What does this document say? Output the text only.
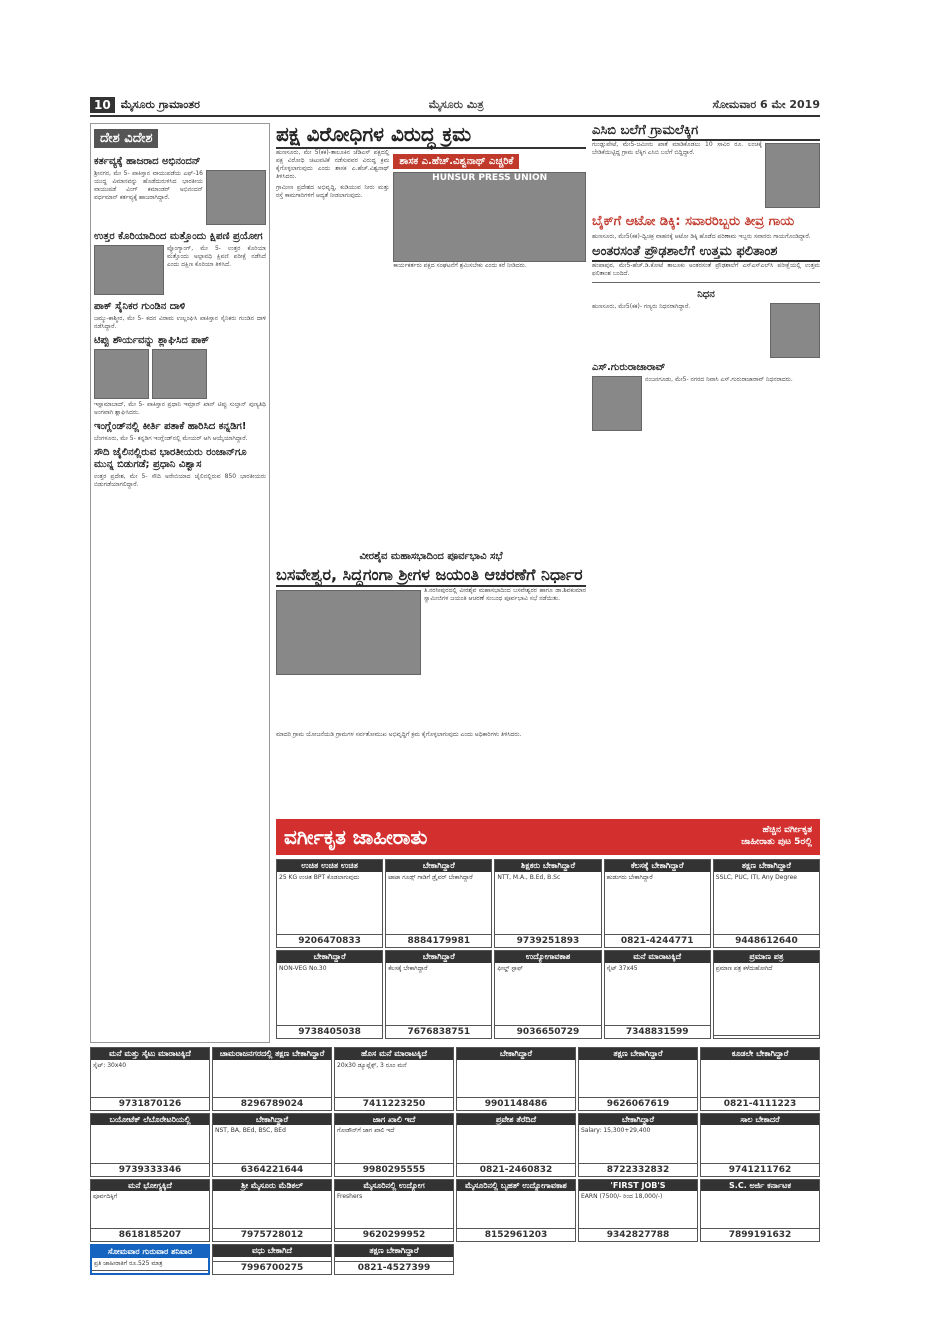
10 ಮೈಸೂರು ಗ್ರಾಮಾಂತರ	ಮೈಸೂರು ಮಿತ್ರ	ಸೋಮವಾರ 6 ಮೇ 2019
ದೇಶ ವಿದೇಶ
ಕರ್ತವ್ಯಕ್ಕೆ ಹಾಜರಾದ ಅಭಿನಂದನ್
ಶ್ರೀನಗರ, ಮೇ 5- ಪಾಕಿಸ್ತಾನ ವಾಯುಪಡೆಯ ಎಫ್-16 ಯುದ್ಧ ವಿಮಾನವನ್ನು ಹೊಡೆದುರುಳಿಸಿದ ಭಾರತೀಯ ವಾಯುಪಡೆ ವಿಂಗ್ ಕಮಾಂಡರ್ ಅಭಿನಂದನ್ ವರ್ಧಮಾನ್ ಕರ್ತವ್ಯಕ್ಕೆ ಹಾಜರಾಗಿದ್ದಾರೆ.
ಉತ್ತರ ಕೊರಿಯಾದಿಂದ ಮತ್ತೊಂದು ಕ್ಷಿಪಣಿ ಪ್ರಯೋಗ
ಪ್ಯೊಂಗ್ಯಾಂಗ್, ಮೇ 5- ಉತ್ತರ ಕೊರಿಯಾ ಮತ್ತೊಂದು ಅಲ್ಪಾವಧಿ ಕ್ಷಿಪಣಿ ಪರೀಕ್ಷೆ ನಡೆಸಿದೆ ಎಂದು ದಕ್ಷಿಣ ಕೊರಿಯಾ ತಿಳಿಸಿದೆ.
ಪಾಕ್ ಸೈನಿಕರ ಗುಂಡಿನ ದಾಳಿ
ಜಮ್ಮು-ಕಾಶ್ಮೀರ, ಮೇ 5- ಕದನ ವಿರಾಮ ಉಲ್ಲಂಘಿಸಿ ಪಾಕಿಸ್ತಾನ ಸೈನಿಕರು ಗುಂಡಿನ ದಾಳಿ ನಡೆಸಿದ್ದಾರೆ.
ಟಿಪ್ಪು ಶೌರ್ಯವನ್ನು ಶ್ಲಾಘಿಸಿದ ಪಾಕ್
ಇಸ್ಲಾಮಾಬಾದ್, ಮೇ 5- ಪಾಕಿಸ್ತಾನ ಪ್ರಧಾನಿ ಇಮ್ರಾನ್ ಖಾನ್ ಟಿಪ್ಪು ಸುಲ್ತಾನ್ ಪುಣ್ಯತಿಥಿ ಅಂಗವಾಗಿ ಶ್ಲಾಘಿಸಿದರು.
ಇಂಗ್ಲೆಂಡ್‌ನಲ್ಲಿ ಕೀರ್ತಿ ಪತಾಕೆ ಹಾರಿಸಿದ ಕನ್ನಡಿಗ!
ಬೆಂಗಳೂರು, ಮೇ 5- ಕನ್ನಡಿಗ ಇಂಗ್ಲೆಂಡ್‌ನಲ್ಲಿ ಮೇಯರ್ ಆಗಿ ಆಯ್ಕೆಯಾಗಿದ್ದಾರೆ.
ಸೌದಿ ಜೈಲಿನಲ್ಲಿರುವ ಭಾರತೀಯರು ರಂಜಾನ್‌ಗೂ ಮುನ್ನ ಬಿಡುಗಡೆ; ಪ್ರಧಾನಿ ವಿಶ್ವಾಸ
ಉತ್ತರ ಪ್ರದೇಶ, ಮೇ 5- ಸೌದಿ ಅರೇಬಿಯಾದ ಜೈಲಿನಲ್ಲಿರುವ 850 ಭಾರತೀಯರು ಬಿಡುಗಡೆಯಾಗಲಿದ್ದಾರೆ.
ಪಕ್ಷ ವಿರೋಧಿಗಳ ವಿರುದ್ಧ ಕ್ರಮ
ಹುಣಸೂರು, ಮೇ 5(ಕಕ)-ತಾಲೂಕಿನ ಜೆಡಿಎಸ್ ಪಕ್ಷದಲ್ಲಿ ಪಕ್ಷ ವಿರೋಧಿ ಚಟುವಟಿಕೆ ನಡೆಸುವವರ ವಿರುದ್ಧ ಕ್ರಮ ಕೈಗೊಳ್ಳಲಾಗುವುದು ಎಂದು ಶಾಸಕ ಎ.ಹೆಚ್.ವಿಶ್ವನಾಥ್ ತಿಳಿಸಿದರು.
ಗ್ರಾಮೀಣ ಪ್ರದೇಶದ ಅಭಿವೃದ್ಧಿ, ಕುಡಿಯುವ ನೀರು ಮತ್ತು ರಸ್ತೆ ಕಾಮಗಾರಿಗಳಿಗೆ ಆದ್ಯತೆ ನೀಡಲಾಗುವುದು.
ಶಾಸಕ ಎ.ಹೆಚ್.ವಿಶ್ವನಾಥ್ ಎಚ್ಚರಿಕೆ
HUNSUR PRESS UNION
ಕಾರ್ಯಕರ್ತರು ಪಕ್ಷದ ಸಂಘಟನೆಗೆ ಶ್ರಮಿಸಬೇಕು ಎಂದು ಕರೆ ನೀಡಿದರು.
ವೀರಶೈವ ಮಹಾಸಭಾದಿಂದ ಪೂರ್ವಭಾವಿ ಸಭೆ
ಬಸವೇಶ್ವರ, ಸಿದ್ದಗಂಗಾ ಶ್ರೀಗಳ ಜಯಂತಿ ಆಚರಣೆಗೆ ನಿರ್ಧಾರ
ತಿ.ನರಸೀಪುರದಲ್ಲಿ ವೀರಶೈವ ಮಹಾಸಭಾದಿಂದ ಬಸವೇಶ್ವರರ ಹಾಗೂ ಡಾ.ಶಿವಕುಮಾರ ಸ್ವಾಮೀಜಿಗಳ ಜಯಂತಿ ಆಚರಣೆ ಸಂಬಂಧ ಪೂರ್ವಭಾವಿ ಸಭೆ ನಡೆಯಿತು.
ಎಸಿಬಿ ಬಲೆಗೆ ಗ್ರಾಮಲೆಕ್ಕಿಗ
ಗುಂಡ್ಲುಪೇಟೆ, ಮೇ5-ಜಮೀನು ಖಾತೆ ಮಾಡಿಕೊಡಲು 10 ಸಾವಿರ ರೂ. ಲಂಚಕ್ಕೆ ಬೇಡಿಕೆಯಿಟ್ಟಿದ್ದ ಗ್ರಾಮ ಲೆಕ್ಕಿಗ ಎಸಿಬಿ ಬಲೆಗೆ ಬಿದ್ದಿದ್ದಾರೆ.
ಬೈಕ್‌ಗೆ ಆಟೋ ಡಿಕ್ಕಿ: ಸವಾರರಿಬ್ಬರು ತೀವ್ರ ಗಾಯ
ಹುಣಸೂರು, ಮೇ5(ಕಕ)-ದ್ವಿಚಕ್ರ ವಾಹನಕ್ಕೆ ಆಟೋ ಡಿಕ್ಕಿ ಹೊಡೆದ ಪರಿಣಾಮ ಇಬ್ಬರು ಸವಾರರು ಗಾಯಗೊಂಡಿದ್ದಾರೆ.
ಅಂತರಸಂತೆ ಪ್ರೌಢಶಾಲೆಗೆ ಉತ್ತಮ ಫಲಿತಾಂಶ
ಹಂಪಾಪುರ, ಮೇ5-ಹೆಚ್.ಡಿ.ಕೋಟೆ ತಾಲೂಕು ಅಂತರಸಂತೆ ಪ್ರೌಢಶಾಲೆಗೆ ಎಸ್ಎಸ್ಎಲ್‌ಸಿ ಪರೀಕ್ಷೆಯಲ್ಲಿ ಉತ್ತಮ ಫಲಿತಾಂಶ ಬಂದಿದೆ.
ನಿಧನ
ಹುಣಸೂರು, ಮೇ5(ಕಕ)- ಗಣ್ಯರು ನಿಧನರಾಗಿದ್ದಾರೆ.
ಎಸ್.ಗುರುರಾಜಾರಾವ್
ನಂಜನಗೂಡು, ಮೇ5- ನಗರದ ನಿವಾಸಿ ಎಸ್.ಗುರುರಾಜಾರಾವ್ ನಿಧನರಾದರು.
ಮಾದರಿ ಗ್ರಾಮ ಯೋಜನೆಯಡಿ ಗ್ರಾಮಗಳ ಸರ್ವತೋಮುಖ ಅಭಿವೃದ್ಧಿಗೆ ಕ್ರಮ ಕೈಗೊಳ್ಳಲಾಗುವುದು ಎಂದು ಅಧಿಕಾರಿಗಳು ತಿಳಿಸಿದರು.
ವರ್ಗೀಕೃತ ಜಾಹೀರಾತು	ಹೆಚ್ಚಿನ ವರ್ಗೀಕೃತ
ಜಾಹೀರಾತು ಪುಟ 5ರಲ್ಲಿ
ಉಚಿತ ಉಚಿತ ಉಚಿತ
25 KG ಉಚಿತ BPT ಕೊಡಲಾಗುವುದು
9206470833
ಬೇಕಾಗಿದ್ದಾರೆ
ಟಾಟಾ ಗೂಡ್ಸ್ ಗಾಡಿಗೆ ಡ್ರೈವರ್ ಬೇಕಾಗಿದ್ದಾರೆ
8884179981
ಶಿಕ್ಷಕರು ಬೇಕಾಗಿದ್ದಾರೆ
NTT, M.A., B.Ed, B.Sc
9739251893
ಕೆಲಸಕ್ಕೆ ಬೇಕಾಗಿದ್ದಾರೆ
ಹುಡುಗರು ಬೇಕಾಗಿದ್ದಾರೆ
0821-4244771
ತಕ್ಷಣ ಬೇಕಾಗಿದ್ದಾರೆ
SSLC, PUC, ITI, Any Degree
9448612640
ಬೇಕಾಗಿದ್ದಾರೆ
NON-VEG No.30
9738405038
ಬೇಕಾಗಿದ್ದಾರೆ
ಕೆಲಸಕ್ಕೆ ಬೇಕಾಗಿದ್ದಾರೆ
7676838751
ಉದ್ಯೋಗಾವಕಾಶ
ಫೀಲ್ಡ್ ಸ್ಟಾಫ್
9036650729
ಮನೆ ಮಾರಾಟಕ್ಕಿದೆ
ಸೈಟ್ 37x45
7348831599
ಪ್ರಮಾಣ ಪತ್ರ
ಪ್ರಮಾಣ ಪತ್ರ ಕಳೆದುಹೋಗಿದೆ
ಮನೆ ಮತ್ತು ಸೈಟು ಮಾರಾಟಕ್ಕಿದೆ
ಸೈಟ್: 30x40
9731870126
ಚಾಮರಾಜನಗರದಲ್ಲಿ ತಕ್ಷಣ ಬೇಕಾಗಿದ್ದಾರೆ
8296789024
ಹೊಸ ಮನೆ ಮಾರಾಟಕ್ಕಿದೆ
20x30 ಡ್ಯೂಪ್ಲೆಕ್ಸ್, 3 ರೂಂ ಮನೆ
7411223250
ಬೇಕಾಗಿದ್ದಾರೆ
9901148486
ತಕ್ಷಣ ಬೇಕಾಗಿದ್ದಾರೆ
9626067619
ಕೂಡಲೇ ಬೇಕಾಗಿದ್ದಾರೆ
0821-4111223
ಬಯೋಟೆಕ್ ಲೆಬೊರೇಟರಿಯಲ್ಲಿ
9739333346
ಬೇಕಾಗಿದ್ದಾರೆ
NST, BA, BEd, BSC, BEd
6364221644
ಜಾಗ ಖಾಲಿ ಇದೆ
ಗೋಡೌನ್‌ಗೆ ಜಾಗ ಖಾಲಿ ಇದೆ
9980295555
ಪ್ರವೇಶ ತೆರೆದಿದೆ
0821-2460832
ಬೇಕಾಗಿದ್ದಾರೆ
Salary: 15,300+29,400
8722332832
ಸಾಲ ಬೇಕಾದರೆ
9741211762
ಮನೆ ಭೋಗ್ಯಕ್ಕಿದೆ
ಪೂರ್ವದಿಕ್ಕಿಗೆ
8618185207
ಶ್ರೀ ಮೈಸೂರು ಮೆಡಿಕಲ್
7975728012
ಮೈಸೂರಿನಲ್ಲಿ ಉದ್ಯೋಗ
Freshers
9620299952
ಮೈಸೂರಿನಲ್ಲಿ ಬೃಹತ್ ಉದ್ಯೋಗಾವಕಾಶ
8152961203
'FIRST JOB'S
EARN (7500/- ರಿಂದ 18,000/-)
9342827788
S.C. ಅರ್ಜಿ ಕರ್ನಾಟಕ
7899191632
ಸೋಮವಾರ ಗುರುವಾರ ಶನಿವಾರ
ಪ್ರತಿ ಜಾಹೀರಾತಿಗೆ ರೂ.525 ಮಾತ್ರ
ವಧು ಬೇಕಾಗಿದೆ
7996700275
ತಕ್ಷಣ ಬೇಕಾಗಿದ್ದಾರೆ
0821-4527399
